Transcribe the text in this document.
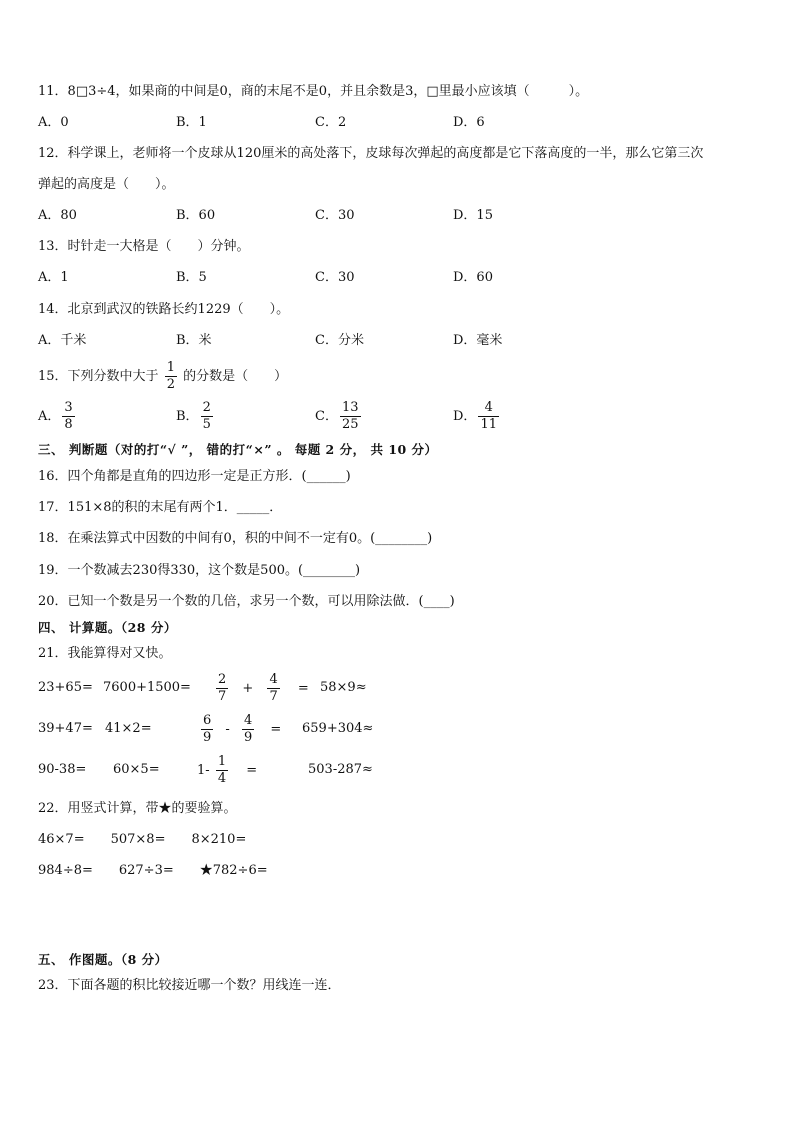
11．8□3÷4，如果商的中间是0，商的末尾不是0，并且余数是3，□里最小应该填（　　　）。
A．0	B．1	C．2	D．6
12．科学课上，老师将一个皮球从120厘米的高处落下，皮球每次弹起的高度都是它下落高度的一半，那么它第三次
弹起的高度是（　　）。
A．80	B．60	C．30	D．15
13．时针走一大格是（　　）分钟。
A．1	B．5	C．30	D．60
14．北京到武汉的铁路长约1229（　　）。
A．千米	B．米	C．分米	D．毫米
15．下列分数中大于 $\frac{1}{2}$ 的分数是（　　）
A． $\frac{3}{8}$	B． $\frac{2}{5}$	C． $\frac{13}{25}$	D． $\frac{4}{11}$
三、 判断题（对的打“√ ”， 错的打“×” 。 每题 2 分， 共 10 分）
16．四个角都是直角的四边形一定是正方形．(______)
17．151×8的积的末尾有两个1．_____．
18．在乘法算式中因数的中间有0，积的中间不一定有0。(________)
19．一个数减去230得330，这个数是500。(________)
20．已知一个数是另一个数的几倍，求另一个数，可以用除法做．(____)
四、 计算题。（28 分）
21．我能算得对又快。
$23+65= 7600+1500= \frac{2}{7} + \frac{4}{7} = 58\times 9\approx$
39+47= 41×2=	$\frac{6}{9} - \frac{4}{9} = 659+304\approx$
90-38= 60×5=	$1- \frac{1}{4}$ =	503-287≈
22．用竖式计算，带★的要验算。
46×7=　　507×8=　　8×210=
984÷8=　　627÷3=　　★782÷6=
五、 作图题。（8 分）
23．下面各题的积比较接近哪一个数？用线连一连．
